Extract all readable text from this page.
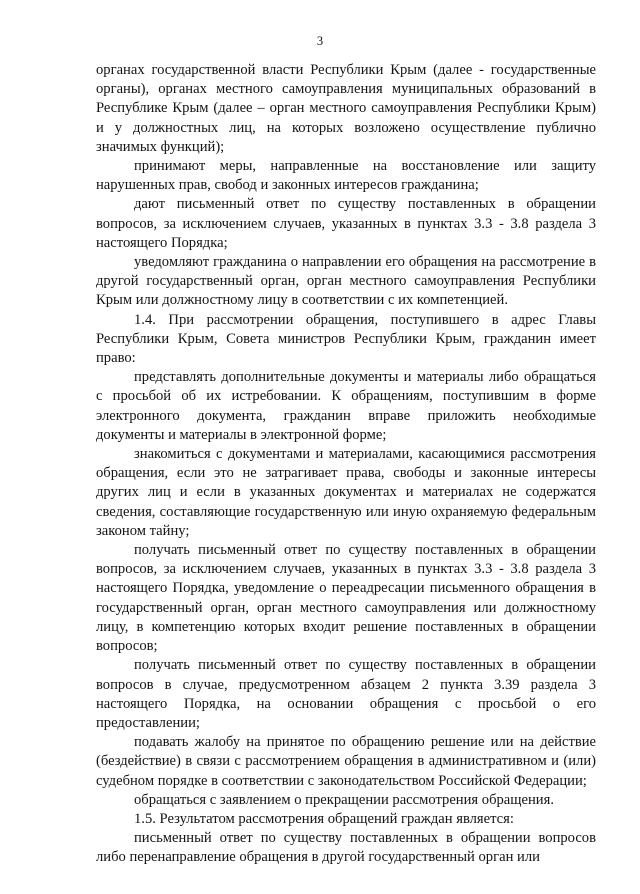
3

органах государственной власти Республики Крым (далее - государственные органы), органах местного самоуправления муниципальных образований в Республике Крым (далее – орган местного самоуправления Республики Крым) и у должностных лиц, на которых возложено осуществление публично значимых функций);

принимают меры, направленные на восстановление или защиту нарушенных прав, свобод и законных интересов гражданина;

дают письменный ответ по существу поставленных в обращении вопросов, за исключением случаев, указанных в пунктах 3.3 - 3.8 раздела 3 настоящего Порядка;

уведомляют гражданина о направлении его обращения на рассмотрение в другой государственный орган, орган местного самоуправления Республики Крым или должностному лицу в соответствии с их компетенцией.

1.4. При рассмотрении обращения, поступившего в адрес Главы Республики Крым, Совета министров Республики Крым, гражданин имеет право:

представлять дополнительные документы и материалы либо обращаться с просьбой об их истребовании. К обращениям, поступившим в форме электронного документа, гражданин вправе приложить необходимые документы и материалы в электронной форме;

знакомиться с документами и материалами, касающимися рассмотрения обращения, если это не затрагивает права, свободы и законные интересы других лиц и если в указанных документах и материалах не содержатся сведения, составляющие государственную или иную охраняемую федеральным законом тайну;

получать письменный ответ по существу поставленных в обращении вопросов, за исключением случаев, указанных в пунктах 3.3 - 3.8 раздела 3 настоящего Порядка, уведомление о переадресации письменного обращения в государственный орган, орган местного самоуправления или должностному лицу, в компетенцию которых входит решение поставленных в обращении вопросов;

получать письменный ответ по существу поставленных в обращении вопросов в случае, предусмотренном абзацем 2 пункта 3.39 раздела 3 настоящего Порядка, на основании обращения с просьбой о его предоставлении;

подавать жалобу на принятое по обращению решение или на действие (бездействие) в связи с рассмотрением обращения в административном и (или) судебном порядке в соответствии с законодательством Российской Федерации;

обращаться с заявлением о прекращении рассмотрения обращения.

1.5. Результатом рассмотрения обращений граждан является:

письменный ответ по существу поставленных в обращении вопросов либо перенаправление обращения в другой государственный орган или
